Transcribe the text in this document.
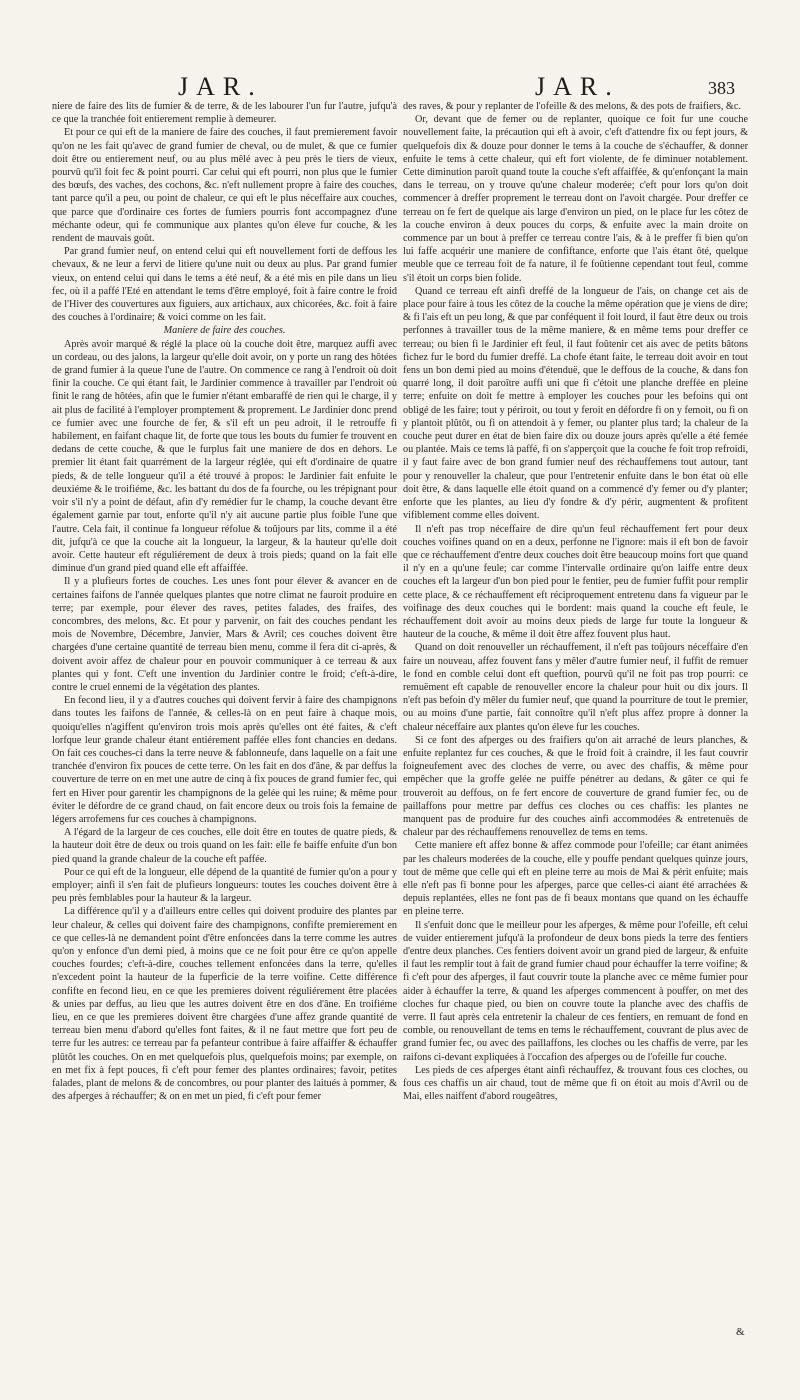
JAR.	JAR.	383

niere de faire des lits de fumier & de terre, & de les labourer l'un fur l'autre, jufqu'à ce que la tranchée foit entierement remplie à demeurer.

Et pour ce qui eft de la maniere de faire des couches, il faut premierement favoir qu'on ne les fait qu'avec de grand fumier de cheval, ou de mulet, & que ce fumier doit être ou entierement neuf, ou au plus mêlé avec à peu près le tiers de vieux, pourvû qu'il foit fec & point pourri. Car celui qui eft pourri, non plus que le fumier des bœufs, des vaches, des cochons, &c. n'eft nullement propre à faire des couches, tant parce qu'il a peu, ou point de chaleur, ce qui eft le plus néceffaire aux couches, que parce que d'ordinaire ces fortes de fumiers pourris font accompagnez d'une méchante odeur, qui fe communique aux plantes qu'on éleve fur couche, & les rendent de mauvais goût.

Par grand fumier neuf, on entend celui qui eft nouvellement forti de deffous les chevaux, & ne leur a fervi de litiere qu'une nuit ou deux au plus. Par grand fumier vieux, on entend celui qui dans le tems a été neuf, & a été mis en pile dans un lieu fec, où il a paffé l'Eté en attendant le tems d'être employé, foit à faire contre le froid de l'Hiver des couvertures aux figuiers, aux artichaux, aux chicorées, &c. foit à faire des couches à l'ordinaire; & voici comme on les fait.

Maniere de faire des couches.

Après avoir marqué & réglé la place où la couche doit être, marquez auffi avec un cordeau, ou des jalons, la largeur qu'elle doit avoir, on y porte un rang des hôtées de grand fumier à la queue l'une de l'autre. On commence ce rang à l'endroit où doit finir la couche. Ce qui étant fait, le Jardinier commence à travailler par l'endroit où finit le rang de hôtées, afin que le fumier n'étant embaraffé de rien qui le charge, il y ait plus de facilité à l'employer promptement & proprement. Le Jardinier donc prend ce fumier avec une fourche de fer, & s'il eft un peu adroit, il le retrouffe fi habilement, en faifant chaque lit, de forte que tous les bouts du fumier fe trouvent en dedans de cette couche, & que le furplus fait une maniere de dos en dehors. Le premier lit étant fait quarrément de la largeur réglée, qui eft d'ordinaire de quatre pieds, & de telle longueur qu'il a été trouvé à propos: le Jardinier fait enfuite le deuxiéme & le troifiéme, &c. les battant du dos de fa fourche, ou les trépignant pour voir s'il n'y a point de défaut, afin d'y remédier fur le champ, la couche devant être également garnie par tout, enforte qu'il n'y ait aucune partie plus foible l'une que l'autre. Cela fait, il continue fa longueur réfolue & toûjours par lits, comme il a été dit, jufqu'à ce que la couche ait la longueur, la largeur, & la hauteur qu'elle doit avoir. Cette hauteur eft réguliérement de deux à trois pieds; quand on la fait elle diminue d'un grand pied quand elle eft affaiffée.

Il y a plufieurs fortes de couches. Les unes font pour élever & avancer en de certaines faifons de l'année quelques plantes que notre climat ne fauroit produire en terre; par exemple, pour élever des raves, petites falades, des fraifes, des concombres, des melons, &c. Et pour y parvenir, on fait des couches pendant les mois de Novembre, Décembre, Janvier, Mars & Avril; ces couches doivent être chargées d'une certaine quantité de terreau bien menu, comme il fera dit ci-après, & doivent avoir affez de chaleur pour en pouvoir communiquer à ce terreau & aux plantes qui y font. C'eft une invention du Jardinier contre le froid; c'eft-à-dire, contre le cruel ennemi de la végétation des plantes.

En fecond lieu, il y a d'autres couches qui doivent fervir à faire des champignons dans toutes les faifons de l'année, & celles-là on en peut faire à chaque mois, quoiqu'elles n'agiffent qu'environ trois mois après qu'elles ont été faites, & c'eft lorfque leur grande chaleur étant entiérement paffée elles font chancies en dedans. On fait ces couches-ci dans la terre neuve & fablonneufe, dans laquelle on a fait une tranchée d'environ fix pouces de cette terre. On les fait en dos d'âne, & par deffus la couverture de terre on en met une autre de cinq à fix pouces de grand fumier fec, qui fert en Hiver pour garentir les champignons de la gelée qui les ruine; & même pour éviter le défordre de ce grand chaud, on fait encore deux ou trois fois la femaine de légers arrofemens fur ces couches à champignons.

A l'égard de la largeur de ces couches, elle doit être en toutes de quatre pieds, & la hauteur doit être de deux ou trois quand on les fait: elle fe baiffe enfuite d'un bon pied quand la grande chaleur de la couche eft paffée.

Pour ce qui eft de la longueur, elle dépend de la quantité de fumier qu'on a pour y employer; ainfi il s'en fait de plufieurs longueurs: toutes les couches doivent être à peu près femblables pour la hauteur & la largeur.

La différence qu'il y a d'ailleurs entre celles qui doivent produire des plantes par leur chaleur, & celles qui doivent faire des champignons, confifte premierement en ce que celles-là ne demandent point d'être enfoncées dans la terre comme les autres qu'on y enfonce d'un demi pied, à moins que ce ne foit pour être ce qu'on appelle couches fourdes; c'eft-à-dire, couches tellement enfoncées dans la terre, qu'elles n'excedent point la hauteur de la fuperficie de la terre voifine. Cette différence confifte en fecond lieu, en ce que les premieres doivent réguliérement être placées & unies par deffus, au lieu que les autres doivent être en dos d'âne. En troifiéme lieu, en ce que les premieres doivent être chargées d'une affez grande quantité de terreau bien menu d'abord qu'elles font faites, & il ne faut mettre que fort peu de terre fur les autres: ce terreau par fa pefanteur contribue à faire affaiffer & échauffer plûtôt les couches. On en met quelquefois plus, quelquefois moins; par exemple, on en met fix à fept pouces, fi c'eft pour femer des plantes ordinaires; favoir, petites falades, plant de melons & de concombres, ou pour planter des laitués à pommer, & des afperges à réchauffer; & on en met un pied, fi c'eft pour femer

des raves, & pour y replanter de l'ofeille & des melons, & des pots de fraifiers, &c.

Or, devant que de femer ou de replanter, quoique ce foit fur une couche nouvellement faite, la précaution qui eft à avoir, c'eft d'attendre fix ou fept jours, & quelquefois dix & douze pour donner le tems à la couche de s'échauffer, & donner enfuite le tems à cette chaleur, qui eft fort violente, de fe diminuer notablement. Cette diminution paroît quand toute la couche s'eft affaiffée, & qu'enfonçant la main dans le terreau, on y trouve qu'une chaleur moderée; c'eft pour lors qu'on doit commencer à dreffer proprement le terreau dont on l'avoit chargée. Pour dreffer ce terreau on fe fert de quelque ais large d'environ un pied, on le place fur les côtez de la couche environ à deux pouces du corps, & enfuite avec la main droite on commence par un bout à preffer ce terreau contre l'ais, & à le preffer fi bien qu'on lui faffe acquérir une maniere de confiftance, enforte que l'ais étant ôté, quelque meuble que ce terreau foit de fa nature, il fe foûtienne cependant tout feul, comme s'il étoit un corps bien folide.

Quand ce terreau eft ainfi dreffé de la longueur de l'ais, on change cet ais de place pour faire à tous les côtez de la couche la même opération que je viens de dire; & fi l'ais eft un peu long, & que par conféquent il foit lourd, il faut être deux ou trois perfonnes à travailler tous de la même maniere, & en même tems pour dreffer ce terreau; ou bien fi le Jardinier eft feul, il faut foûtenir cet ais avec de petits bâtons fichez fur le bord du fumier dreffé. La chofe étant faite, le terreau doit avoir en tout fens un bon demi pied au moins d'étenduë, que le deffous de la couche, & dans fon quarré long, il doit paroître auffi uni que fi c'étoit une planche dreffée en pleine terre; enfuite on doit fe mettre à employer les couches pour les befoins qui ont obligé de les faire; tout y périroit, ou tout y feroit en défordre fi on y femoit, ou fi on y plantoit plûtôt, ou fi on attendoit à y femer, ou planter plus tard; la chaleur de la couche peut durer en état de bien faire dix ou douze jours après qu'elle a été femée ou plantée. Mais ce tems là paffé, fi on s'apperçoit que la couche fe foit trop refroidi, il y faut faire avec de bon grand fumier neuf des réchauffemens tout autour, tant pour y renouveller la chaleur, que pour l'entretenir enfuite dans le bon état où elle doit être, & dans laquelle elle étoit quand on a commencé d'y femer ou d'y planter; enforte que les plantes, au lieu d'y fondre & d'y périr, augmentent & profitent vifiblement comme elles doivent.

Il n'eft pas trop néceffaire de dire qu'un feul réchauffement fert pour deux couches voifines quand on en a deux, perfonne ne l'ignore: mais il eft bon de favoir que ce réchauffement d'entre deux couches doit être beaucoup moins fort que quand il n'y en a qu'une feule; car comme l'intervalle ordinaire qu'on laiffe entre deux couches eft la largeur d'un bon pied pour le fentier, peu de fumier fuffit pour remplir cette place, & ce réchauffement eft réciproquement entretenu dans fa vigueur par le voifinage des deux couches qui le bordent: mais quand la couche eft feule, le réchauffement doit avoir au moins deux pieds de large fur toute la longueur & hauteur de la couche, & même il doit être affez fouvent plus haut.

Quand on doit renouveller un réchauffement, il n'eft pas toûjours néceffaire d'en faire un nouveau, affez fouvent fans y mêler d'autre fumier neuf, il fuffit de remuer le fond en comble celui dont eft queftion, pourvû qu'il ne foit pas trop pourri: ce remuëment eft capable de renouveller encore la chaleur pour huit ou dix jours. Il n'eft pas befoin d'y mêler du fumier neuf, que quand la pourriture de tout le premier, ou au moins d'une partie, fait connoître qu'il n'eft plus affez propre à donner la chaleur néceffaire aux plantes qu'on éleve fur les couches.

Si ce font des afperges ou des fraifiers qu'on ait arraché de leurs planches, & enfuite replantez fur ces couches, & que le froid foit à craindre, il les faut couvrir foigneufement avec des cloches de verre, ou avec des chaffis, & même pour empêcher que la groffe gelée ne puiffe pénétrer au dedans, & gâter ce qui fe trouveroit au deffous, on fe fert encore de couverture de grand fumier fec, ou de paillaffons pour mettre par deffus ces cloches ou ces chaffis: les plantes ne manquent pas de produire fur des couches ainfi accommodées & entretenuës de chaleur par des réchauffemens renouvellez de tems en tems.

Cette maniere eft affez bonne & affez commode pour l'ofeille; car étant animées par les chaleurs moderées de la couche, elle y pouffe pendant quelques quinze jours, tout de même que celle qui eft en pleine terre au mois de Mai & périt enfuite; mais elle n'eft pas fi bonne pour les afperges, parce que celles-ci aiant été arrachées & depuis replantées, elles ne font pas de fi beaux montans que quand on les échauffe en pleine terre.

Il s'enfuit donc que le meilleur pour les afperges, & même pour l'ofeille, eft celui de vuider entierement jufqu'à la profondeur de deux bons pieds la terre des fentiers d'entre deux planches. Ces fentiers doivent avoir un grand pied de largeur, & enfuite il faut les remplir tout à fait de grand fumier chaud pour échauffer la terre voifine; & fi c'eft pour des afperges, il faut couvrir toute la planche avec ce même fumier pour aider à échauffer la terre, & quand les afperges commencent à pouffer, on met des cloches fur chaque pied, ou bien on couvre toute la planche avec des chaffis de verre. Il faut après cela entretenir la chaleur de ces fentiers, en remuant de fond en comble, ou renouvellant de tems en tems le réchauffement, couvrant de plus avec de grand fumier fec, ou avec des paillaffons, les cloches ou les chaffis de verre, par les raifons ci-devant expliquées à l'occafion des afperges ou de l'ofeille fur couche.

Les pieds de ces afperges étant ainfi réchauffez, & trouvant fous ces cloches, ou fous ces chaffis un air chaud, tout de même que fi on étoit au mois d'Avril ou de Mai, elles naiffent d'abord rougeâtres,

&
